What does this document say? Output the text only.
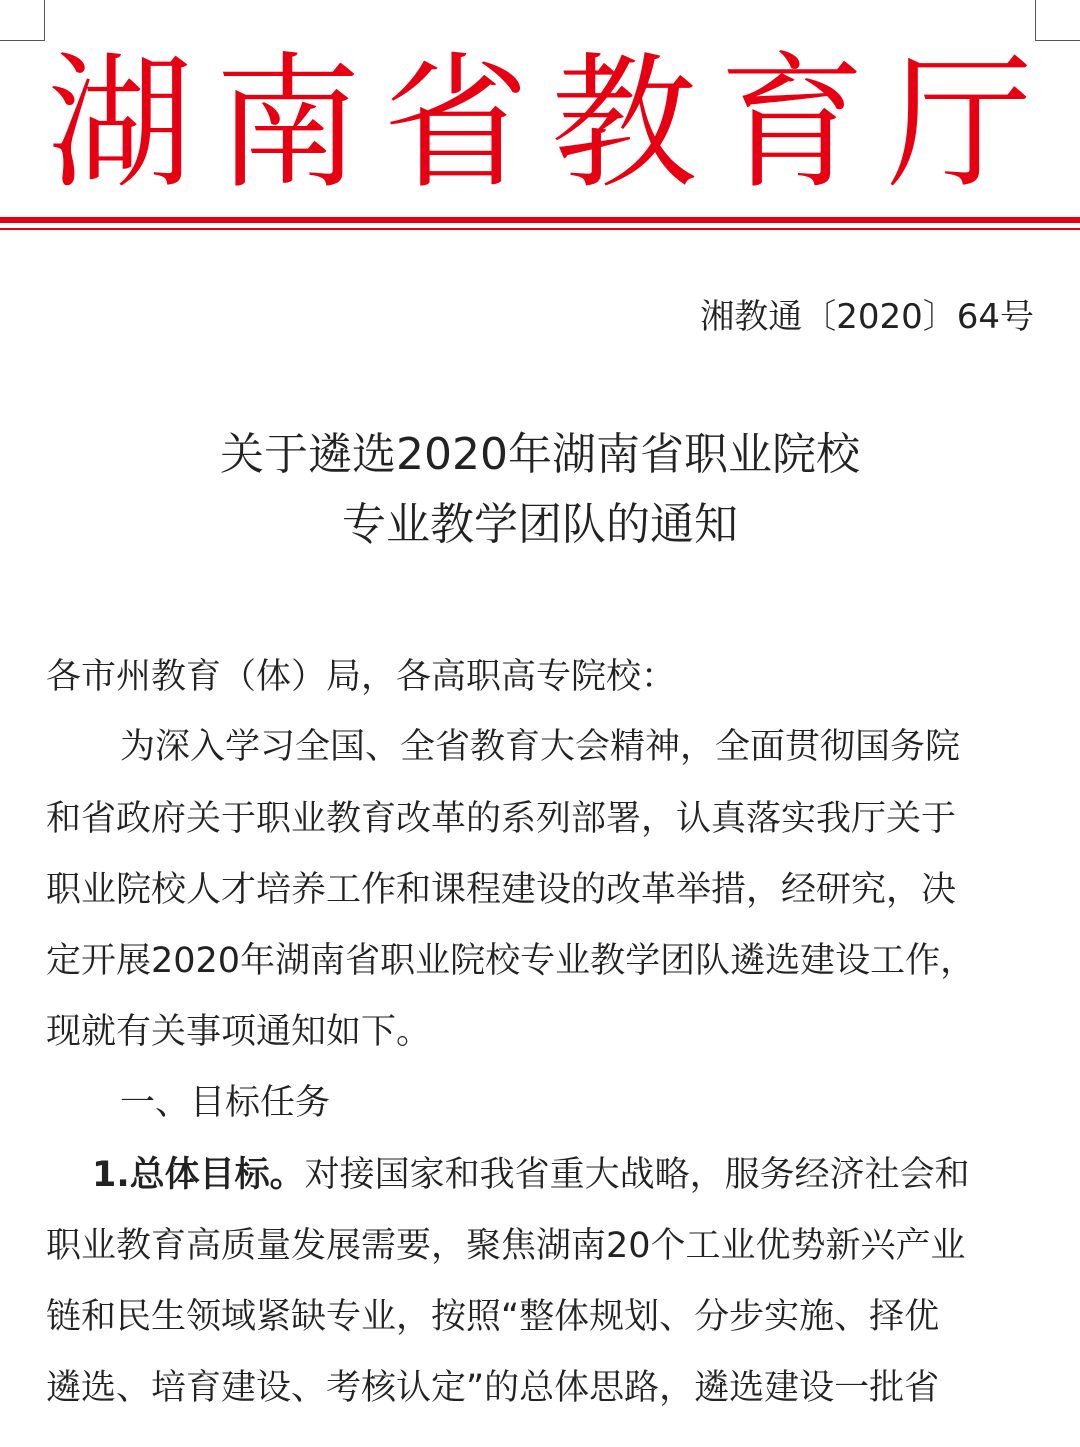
湖 南 省 教 育 厅
湘教通〔2020〕64号
关于遴选2020年湖南省职业院校
专业教学团队的通知
各市州教育（体）局，各高职高专院校：
为深入学习全国、全省教育大会精神，全面贯彻国务院
和省政府关于职业教育改革的系列部署，认真落实我厅关于
职业院校人才培养工作和课程建设的改革举措，经研究，决
定开展2020年湖南省职业院校专业教学团队遴选建设工作，
现就有关事项通知如下。
一、目标任务
1.总体目标。对接国家和我省重大战略，服务经济社会和
职业教育高质量发展需要，聚焦湖南20个工业优势新兴产业
链和民生领域紧缺专业，按照“整体规划、分步实施、择优
遴选、培育建设、考核认定”的总体思路，遴选建设一批省
